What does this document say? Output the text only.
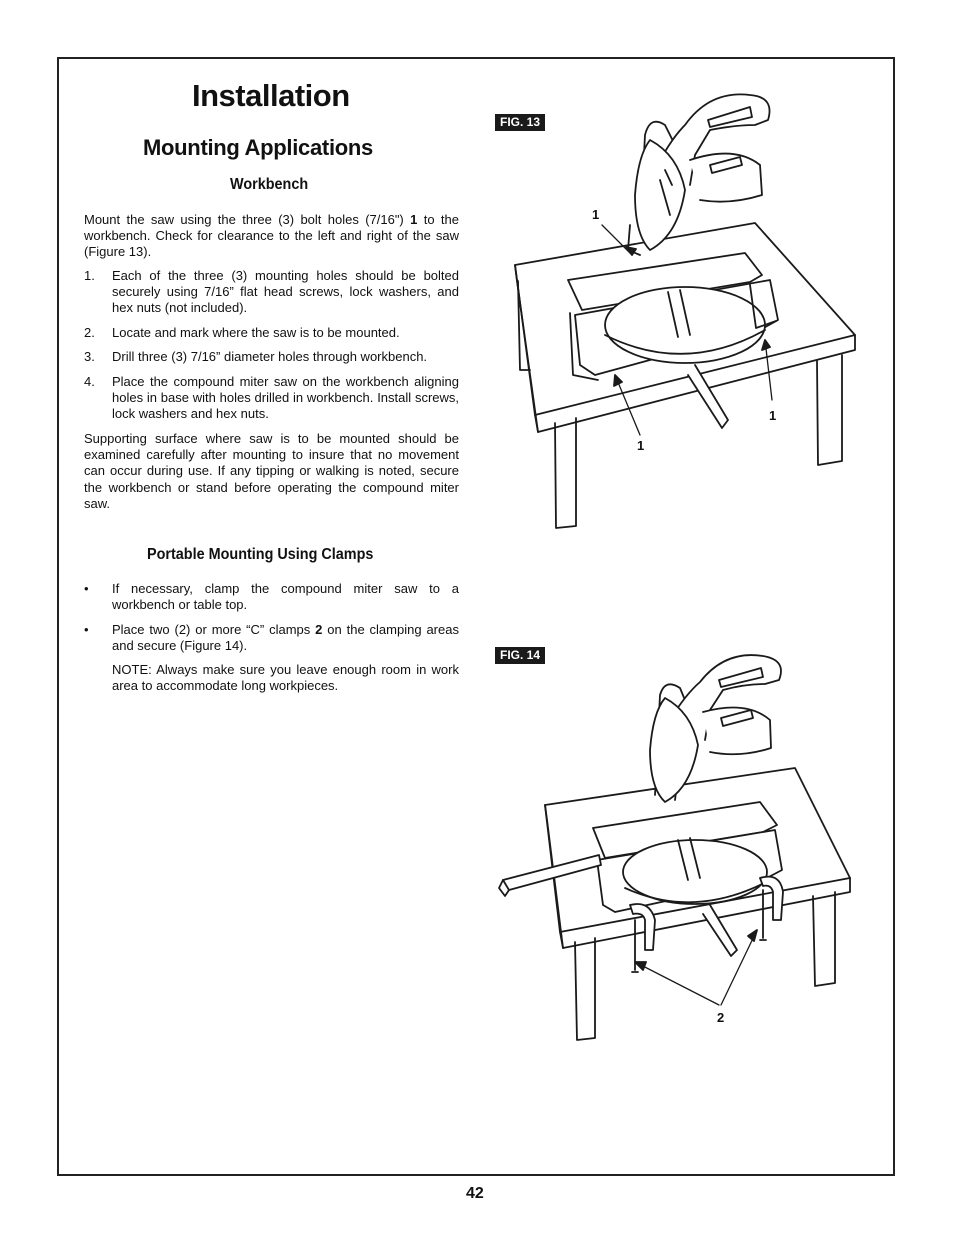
Installation
Mounting Applications
Workbench

Mount the saw using the three (3) bolt holes (7/16") 1 to the workbench. Check for clearance to the left and right of the saw (Figure 13).

1. Each of the three (3) mounting holes should be bolted securely using 7/16” flat head screws, lock washers, and hex nuts (not included).
2. Locate and mark where the saw is to be mounted.
3. Drill three (3) 7/16” diameter holes through workbench.
4. Place the compound miter saw on the workbench aligning holes in base with holes drilled in workbench. Install screws, lock washers and hex nuts.

Supporting surface where saw is to be mounted should be examined carefully after mounting to insure that no movement can occur during use. If any tipping or walking is noted, secure the workbench or stand before operating the compound miter saw.

Portable Mounting Using Clamps
• If necessary, clamp the compound miter saw to a workbench or table top.
• Place two (2) or more “C” clamps 2 on the clamping areas and secure (Figure 14).
NOTE: Always make sure you leave enough room in work area to accommodate long workpieces.
FIG. 13
1
1
1
FIG. 14
2
42
